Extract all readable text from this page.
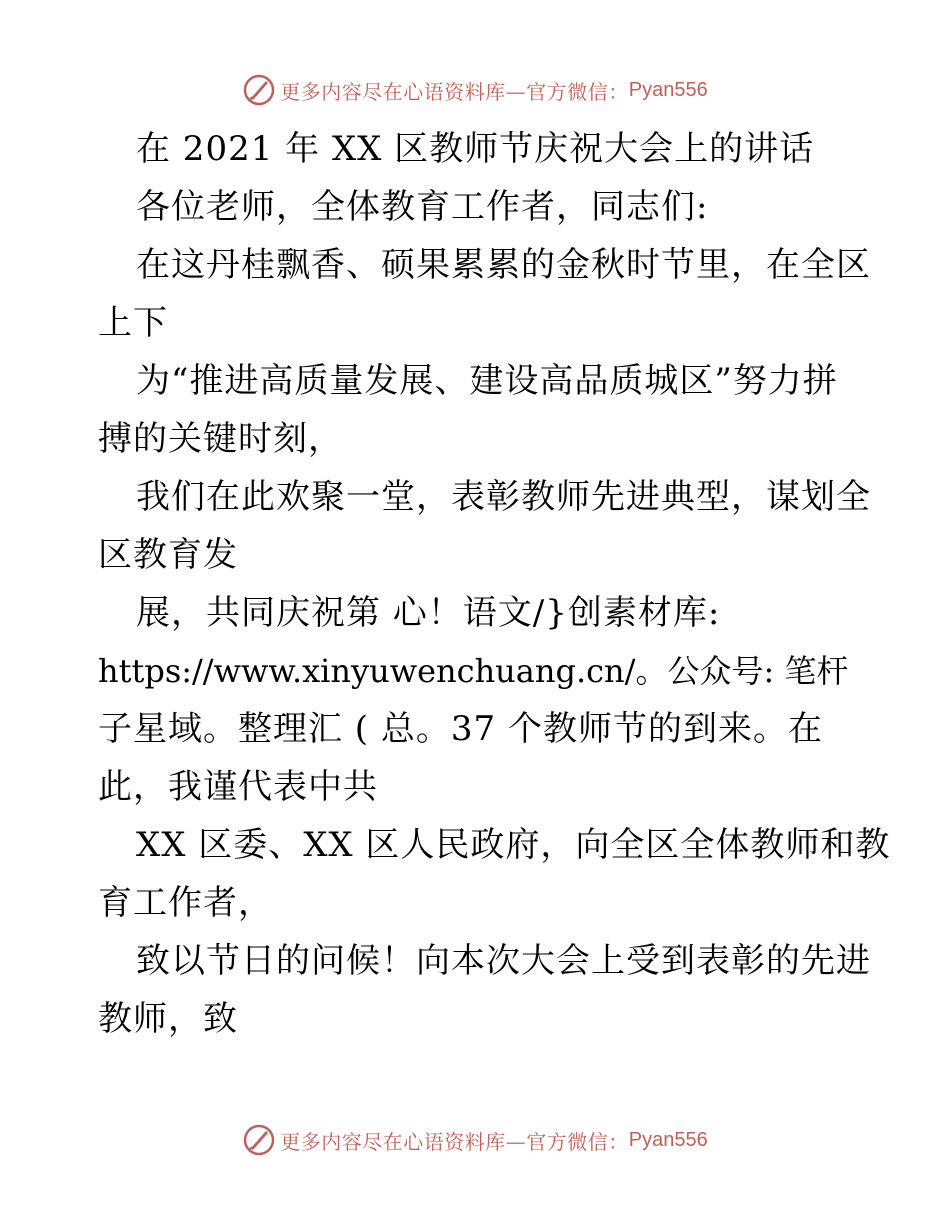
更多内容尽在心语资料库—官方微信： Pyan556
在 2021 年 XX 区教师节庆祝大会上的讲话
各位老师，全体教育工作者，同志们:
在这丹桂飘香、硕果累累的金秋时节里，在全区
上下
为“推进高质量发展、建设高品质城区”努力拼
搏的关键时刻，
我们在此欢聚一堂，表彰教师先进典型，谋划全
区教育发
展，共同庆祝第 心！语文/}创素材库:
https://www.xinyuwenchuang.cn/。公众号: 笔杆
子星域。整理汇 ( 总。37 个教师节的到来。在
此，我谨代表中共
XX 区委、XX 区人民政府，向全区全体教师和教
育工作者，
致以节日的问候！向本次大会上受到表彰的先进
教师，致
更多内容尽在心语资料库—官方微信： Pyan556
